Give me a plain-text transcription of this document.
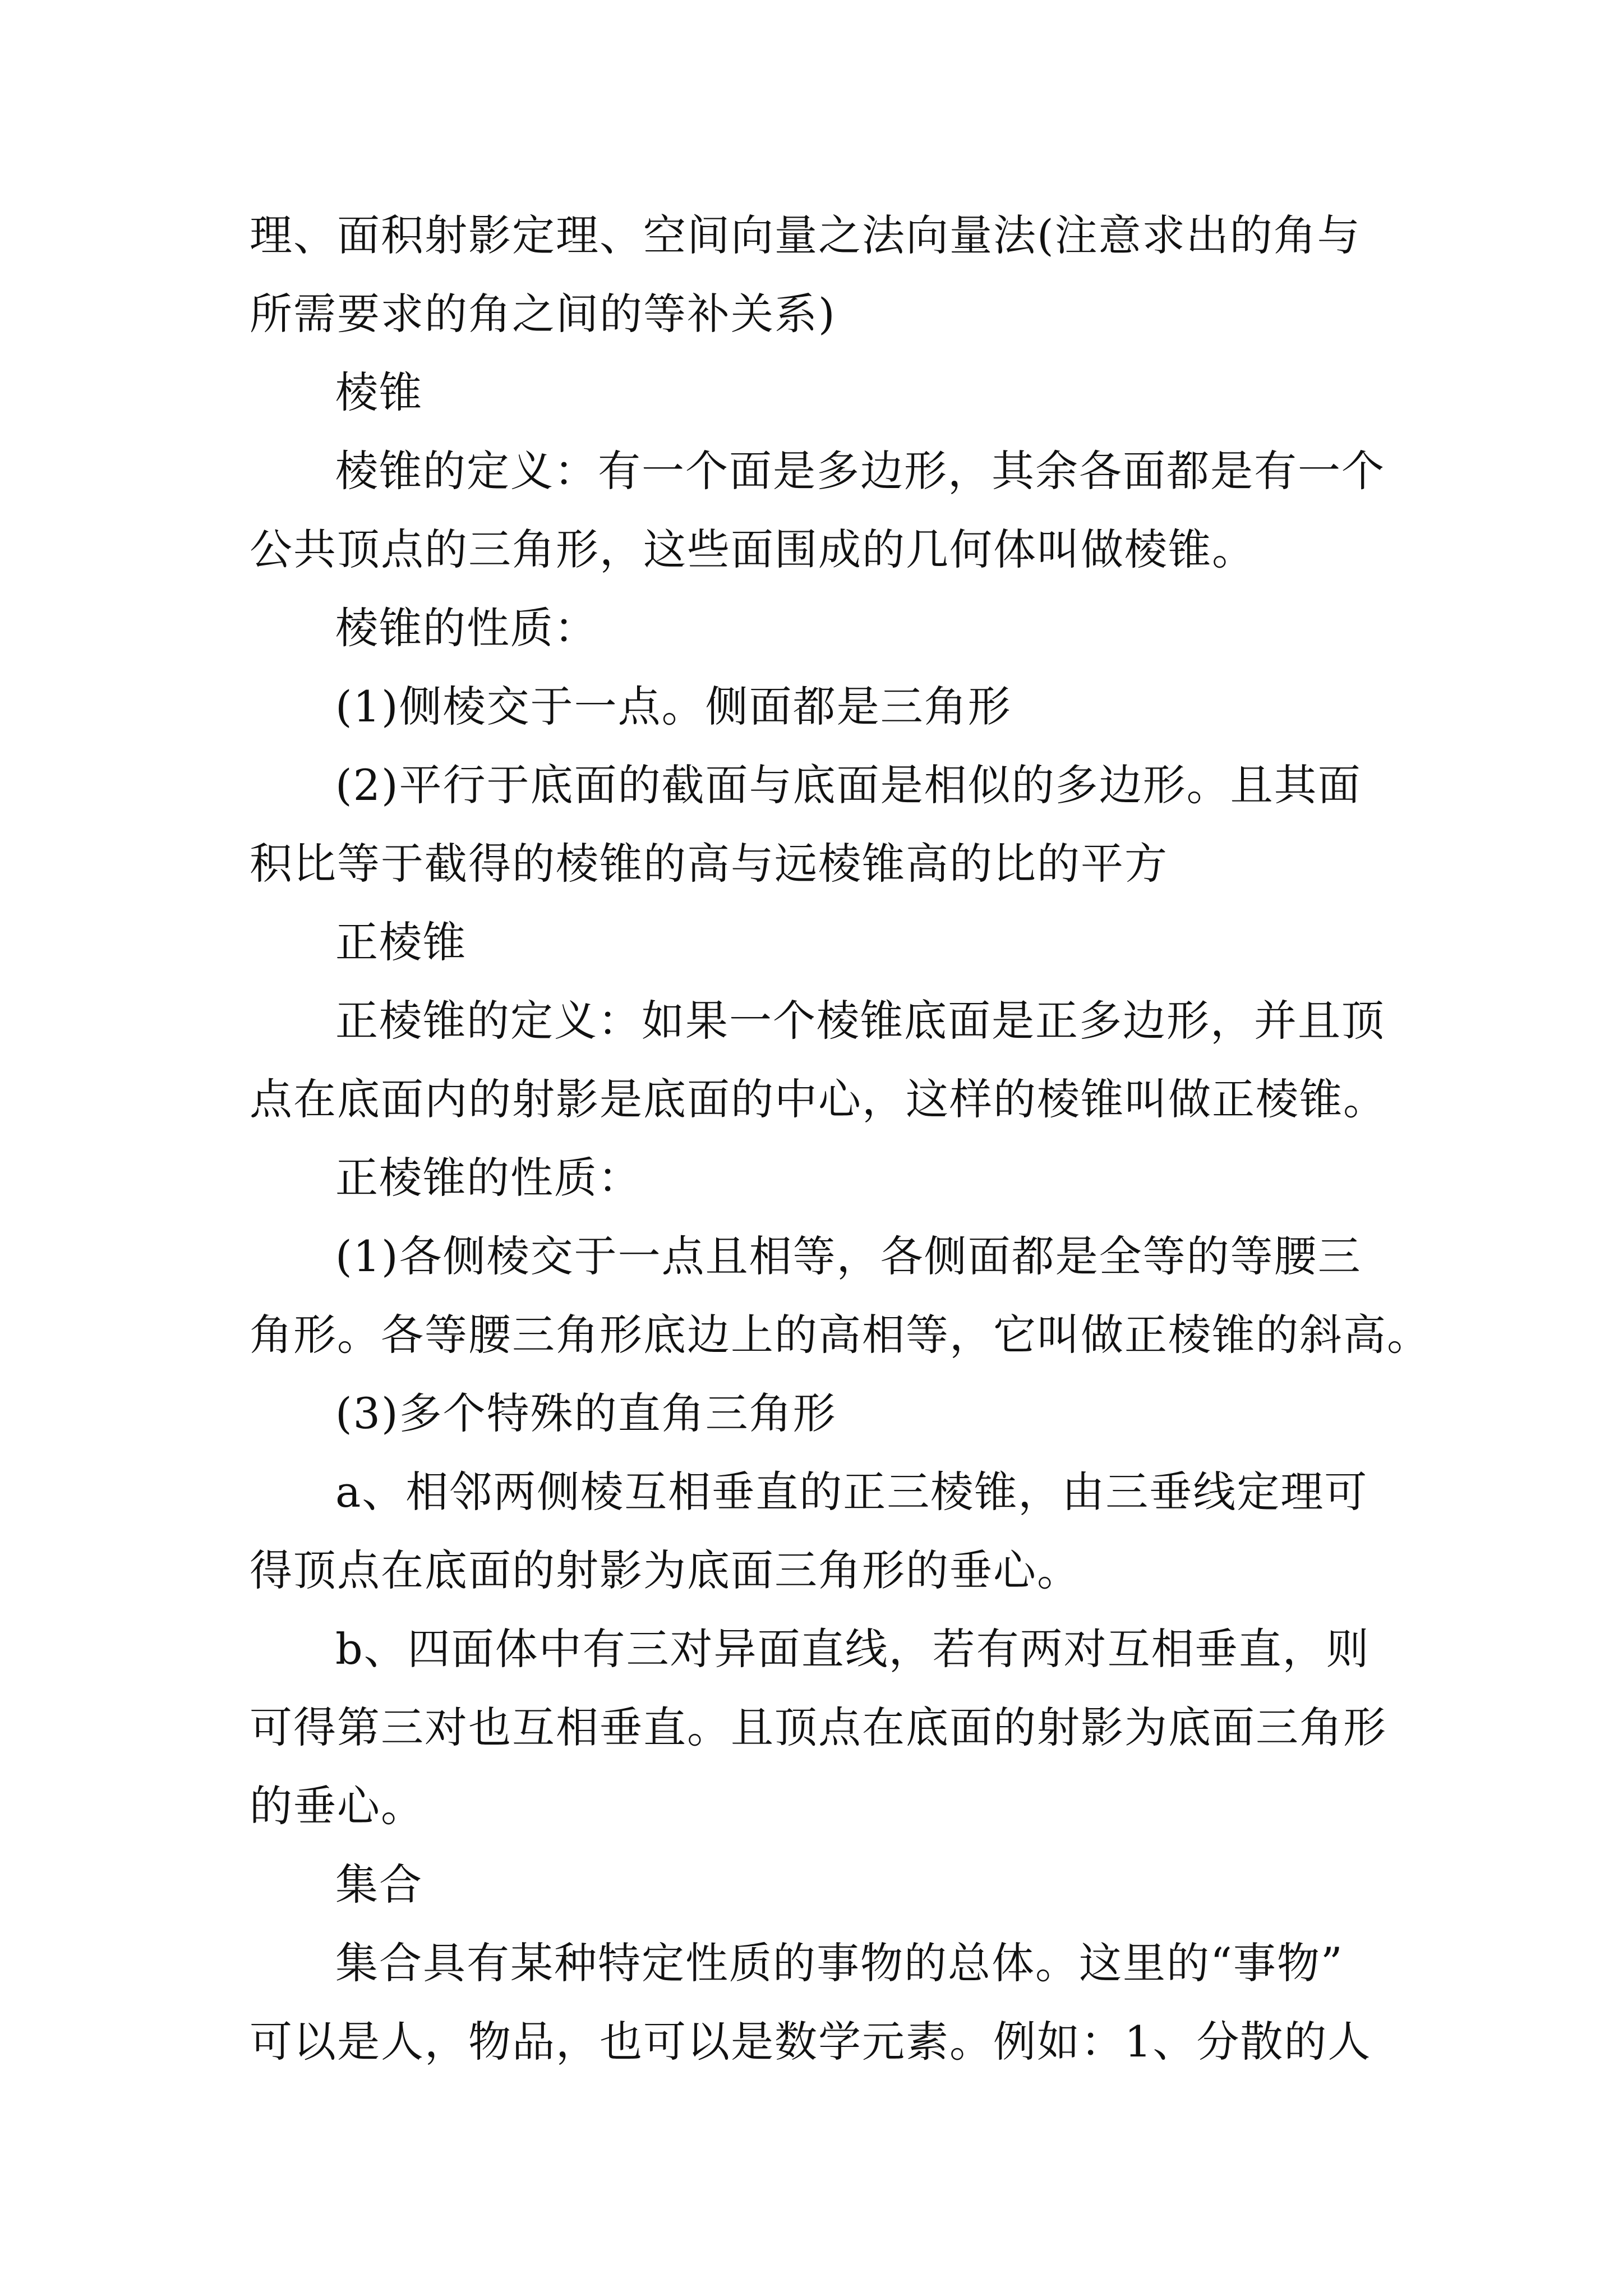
理、面积射影定理、空间向量之法向量法(注意求出的角与
所需要求的角之间的等补关系)
棱锥
棱锥的定义：有一个面是多边形，其余各面都是有一个
公共顶点的三角形，这些面围成的几何体叫做棱锥。
棱锥的性质：
(1)侧棱交于一点。侧面都是三角形
(2)平行于底面的截面与底面是相似的多边形。且其面
积比等于截得的棱锥的高与远棱锥高的比的平方
正棱锥
正棱锥的定义：如果一个棱锥底面是正多边形，并且顶
点在底面内的射影是底面的中心，这样的棱锥叫做正棱锥。
正棱锥的性质：
(1)各侧棱交于一点且相等，各侧面都是全等的等腰三
角形。各等腰三角形底边上的高相等，它叫做正棱锥的斜高。
(3)多个特殊的直角三角形
a、相邻两侧棱互相垂直的正三棱锥，由三垂线定理可
得顶点在底面的射影为底面三角形的垂心。
b、四面体中有三对异面直线，若有两对互相垂直，则
可得第三对也互相垂直。且顶点在底面的射影为底面三角形
的垂心。
集合
集合具有某种特定性质的事物的总体。这里的“事物”
可以是人，物品，也可以是数学元素。例如：1、分散的人
